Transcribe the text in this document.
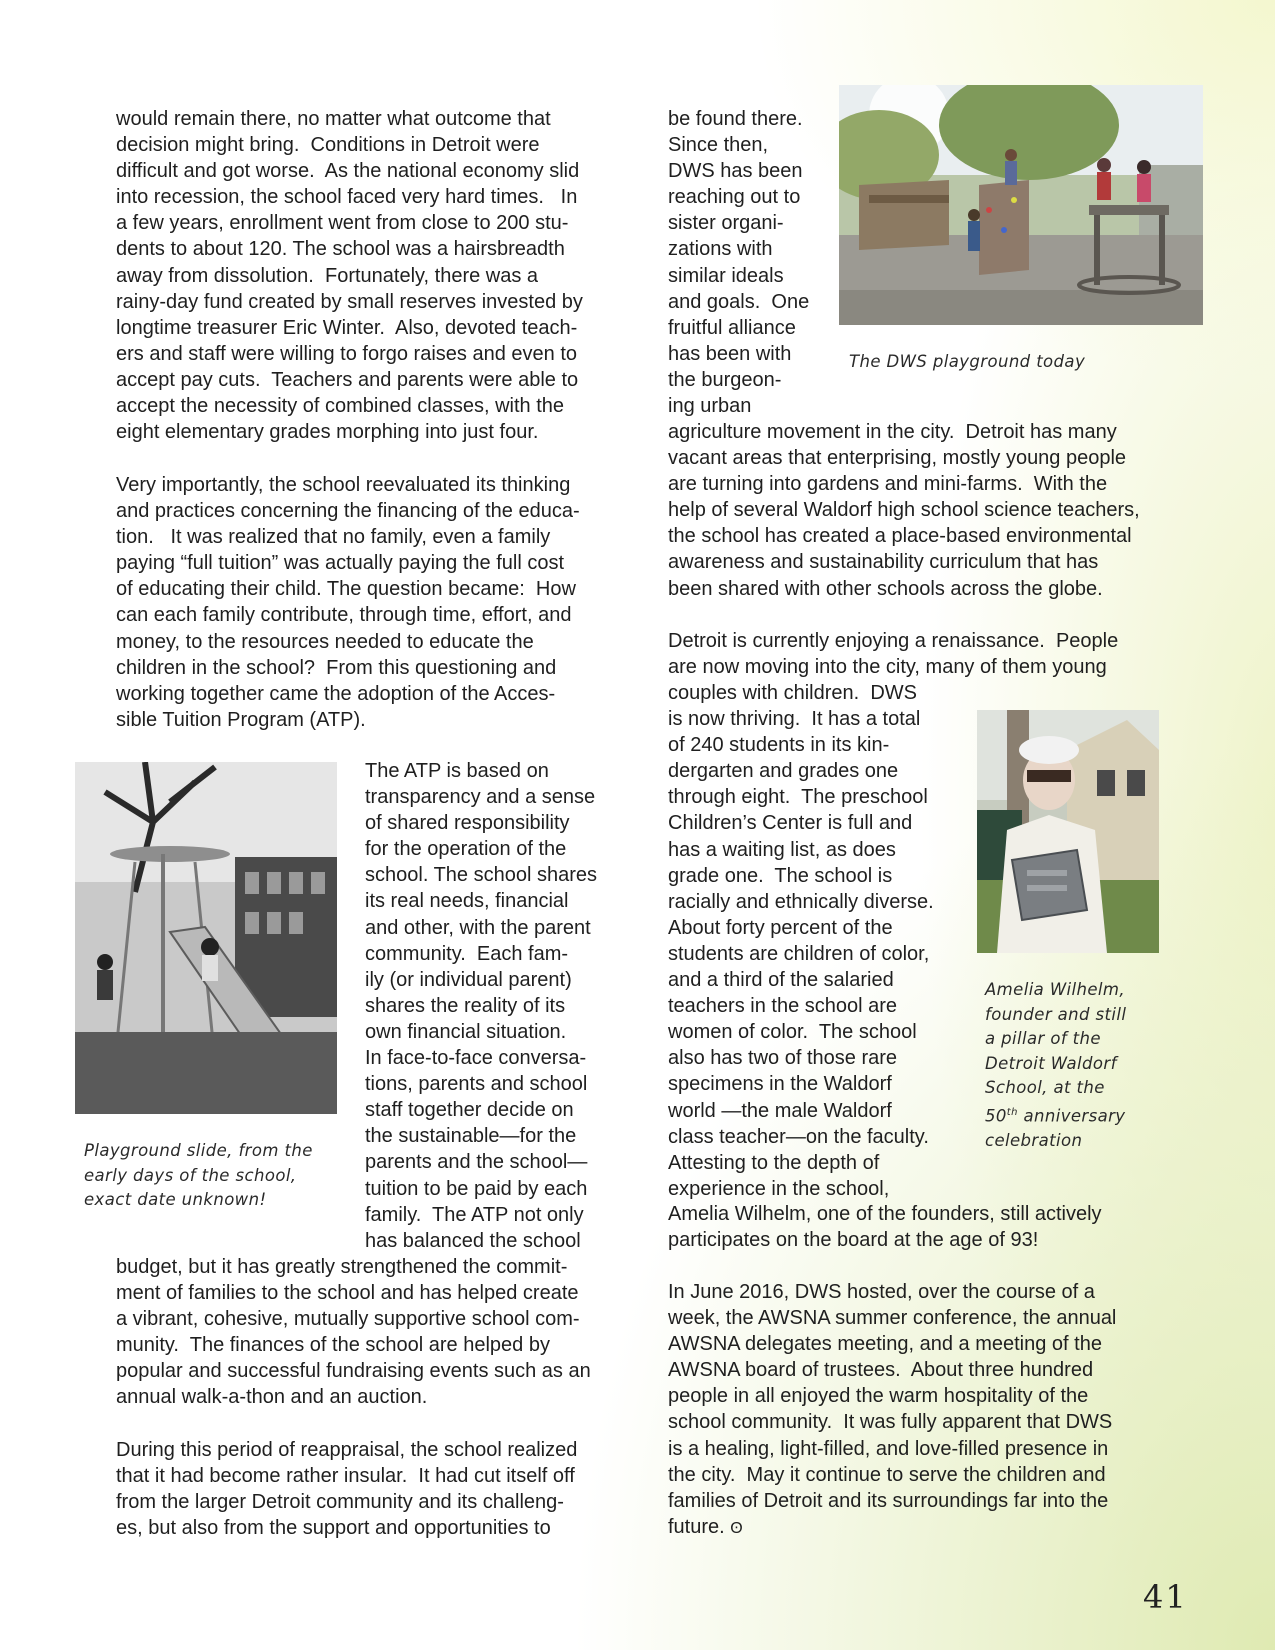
would remain there, no matter what outcome that
decision might bring.  Conditions in Detroit were
difficult and got worse.  As the national economy slid
into recession, the school faced very hard times.   In
a few years, enrollment went from close to 200 stu-
dents to about 120. The school was a hairsbreadth
away from dissolution.  Fortunately, there was a
rainy-day fund created by small reserves invested by
longtime treasurer Eric Winter.  Also, devoted teach-
ers and staff were willing to forgo raises and even to
accept pay cuts.  Teachers and parents were able to
accept the necessity of combined classes, with the
eight elementary grades morphing into just four.

Very importantly, the school reevaluated its thinking
and practices concerning the financing of the educa-
tion.   It was realized that no family, even a family
paying “full tuition” was actually paying the full cost
of educating their child. The question became:  How
can each family contribute, through time, effort, and
money, to the resources needed to educate the
children in the school?  From this questioning and
working together came the adoption of the Acces-
sible Tuition Program (ATP).

Playground slide, from the
early days of the school,
exact date unknown!

The ATP is based on
transparency and a sense
of shared responsibility
for the operation of the
school. The school shares
its real needs, financial
and other, with the parent
community.  Each fam-
ily (or individual parent)
shares the reality of its
own financial situation.
In face-to-face conversa-
tions, parents and school
staff together decide on
the sustainable—for the
parents and the school—
tuition to be paid by each
family.  The ATP not only
has balanced the school

budget, but it has greatly strengthened the commit-
ment of families to the school and has helped create
a vibrant, cohesive, mutually supportive school com-
munity.  The finances of the school are helped by
popular and successful fundraising events such as an
annual walk-a-thon and an auction.

During this period of reappraisal, the school realized
that it had become rather insular.  It had cut itself off
from the larger Detroit community and its challeng-
es, but also from the support and opportunities to

be found there.
Since then,
DWS has been
reaching out to
sister organi-
zations with
similar ideals
and goals.  One
fruitful alliance
has been with
the burgeon-
ing urban

The DWS playground today

agriculture movement in the city.  Detroit has many
vacant areas that enterprising, mostly young people
are turning into gardens and mini-farms.  With the
help of several Waldorf high school science teachers,
the school has created a place-based environmental
awareness and sustainability curriculum that has
been shared with other schools across the globe.

Detroit is currently enjoying a renaissance.  People
are now moving into the city, many of them young

couples with children.  DWS
is now thriving.  It has a total
of 240 students in its kin-
dergarten and grades one
through eight.  The preschool
Children’s Center is full and
has a waiting list, as does
grade one.  The school is
racially and ethnically diverse.
About forty percent of the
students are children of color,
and a third of the salaried
teachers in the school are
women of color.  The school
also has two of those rare
specimens in the Waldorf
world —the male Waldorf
class teacher—on the faculty.
Attesting to the depth of
experience in the school,

Amelia Wilhelm,
founder and still
a pillar of the
Detroit Waldorf
School, at the
50th anniversary
celebration

Amelia Wilhelm, one of the founders, still actively
participates on the board at the age of 93!

In June 2016, DWS hosted, over the course of a
week, the AWSNA summer conference, the annual
AWSNA delegates meeting, and a meeting of the
AWSNA board of trustees.  About three hundred
people in all enjoyed the warm hospitality of the
school community.  It was fully apparent that DWS
is a healing, light-filled, and love-filled presence in
the city.  May it continue to serve the children and
families of Detroit and its surroundings far into the
future. ʘ

41
